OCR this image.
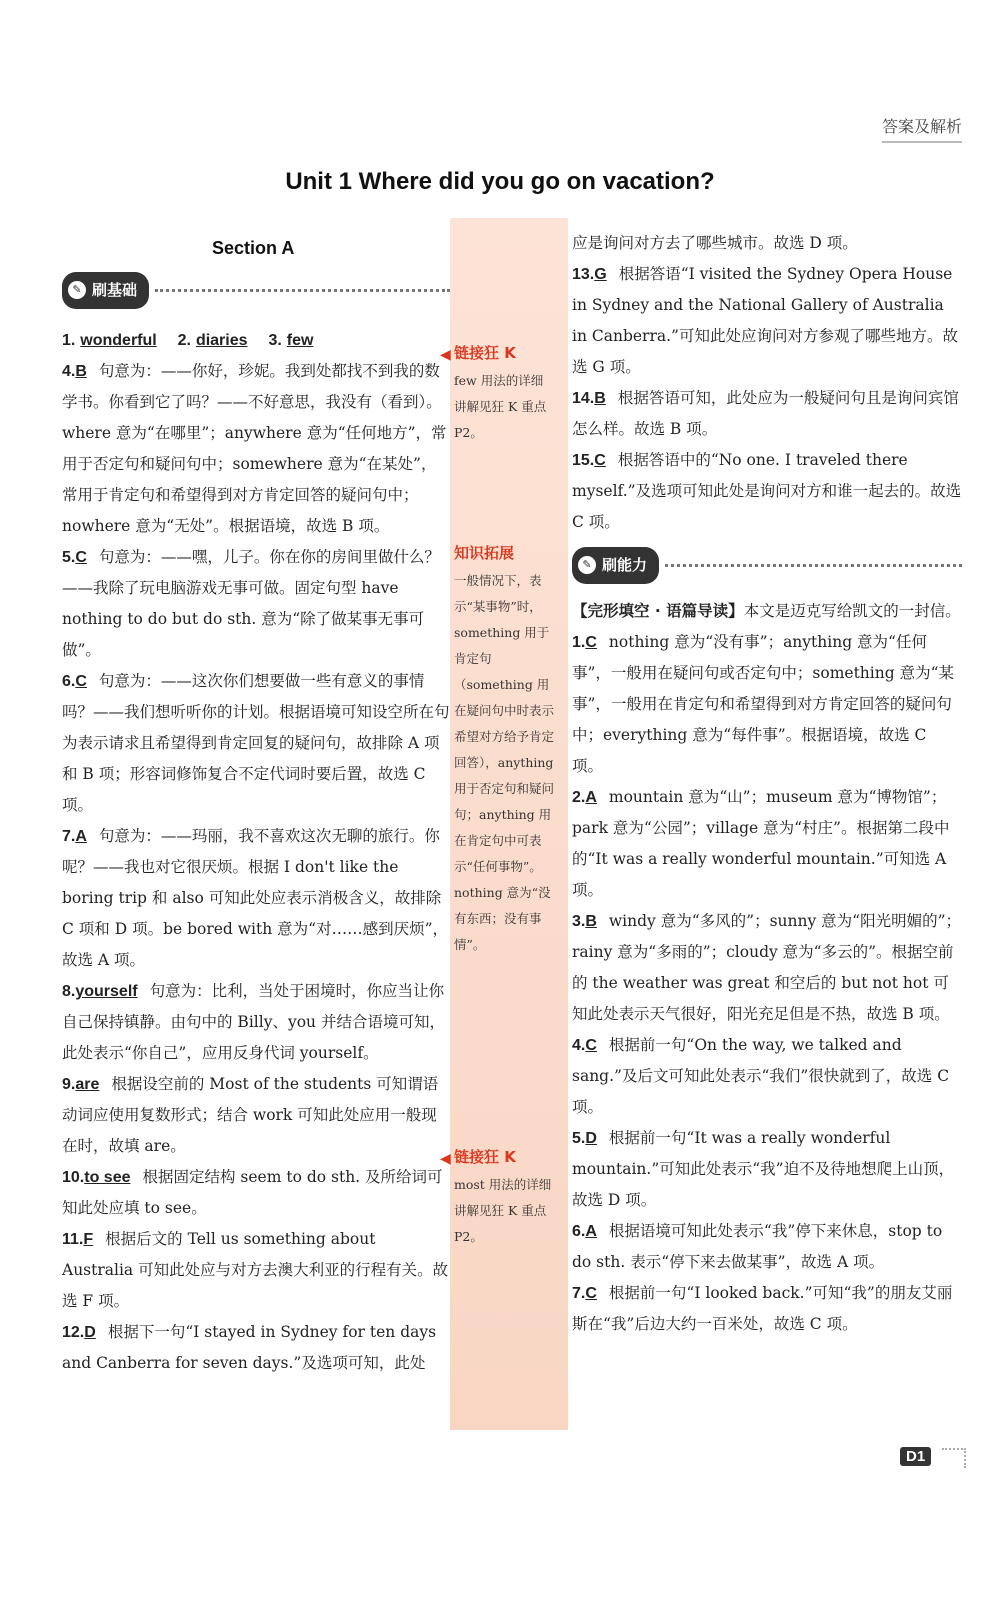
答案及解析
Unit 1 Where did you go on vacation?
Section A
◀ 链接狂 K
few 用法的详细讲解见狂 K 重点 P2。
知识拓展
一般情况下，表示“某事物”时，something 用于肯定句（something 用在疑问句中时表示希望对方给予肯定回答），anything 用于否定句和疑问句；anything 用在肯定句中可表示“任何事物”。nothing 意为“没有东西；没有事情”。
◀ 链接狂 K
most 用法的详细讲解见狂 K 重点 P2。
✎ 刷基础
1. wonderful 2. diaries 3. few
4.B 句意为：——你好，珍妮。我到处都找不到我的数学书。你看到它了吗？——不好意思，我没有（看到）。where 意为“在哪里”；anywhere 意为“任何地方”，常用于否定句和疑问句中；somewhere 意为“在某处”，常用于肯定句和希望得到对方肯定回答的疑问句中；nowhere 意为“无处”。根据语境，故选 B 项。
5.C 句意为：——嘿，儿子。你在你的房间里做什么？——我除了玩电脑游戏无事可做。固定句型 have nothing to do but do sth. 意为“除了做某事无事可做”。
6.C 句意为：——这次你们想要做一些有意义的事情吗？——我们想听听你的计划。根据语境可知设空所在句为表示请求且希望得到肯定回复的疑问句，故排除 A 项和 B 项；形容词修饰复合不定代词时要后置，故选 C 项。
7.A 句意为：——玛丽，我不喜欢这次无聊的旅行。你呢？——我也对它很厌烦。根据 I don't like the boring trip 和 also 可知此处应表示消极含义，故排除 C 项和 D 项。be bored with 意为“对……感到厌烦”，故选 A 项。
8.yourself 句意为：比利，当处于困境时，你应当让你自己保持镇静。由句中的 Billy、you 并结合语境可知，此处表示“你自己”，应用反身代词 yourself。
9.are 根据设空前的 Most of the students 可知谓语动词应使用复数形式；结合 work 可知此处应用一般现在时，故填 are。
10.to see 根据固定结构 seem to do sth. 及所给词可知此处应填 to see。
11.F 根据后文的 Tell us something about Australia 可知此处应与对方去澳大利亚的行程有关。故选 F 项。
12.D 根据下一句“I stayed in Sydney for ten days and Canberra for seven days.”及选项可知，此处
应是询问对方去了哪些城市。故选 D 项。
13.G 根据答语“I visited the Sydney Opera House in Sydney and the National Gallery of Australia in Canberra.”可知此处应询问对方参观了哪些地方。故选 G 项。
14.B 根据答语可知，此处应为一般疑问句且是询问宾馆怎么样。故选 B 项。
15.C 根据答语中的“No one. I traveled there myself.”及选项可知此处是询问对方和谁一起去的。故选 C 项。
✎ 刷能力
【完形填空 · 语篇导读】本文是迈克写给凯文的一封信。
1.C nothing 意为“没有事”；anything 意为“任何事”，一般用在疑问句或否定句中；something 意为“某事”，一般用在肯定句和希望得到对方肯定回答的疑问句中；everything 意为“每件事”。根据语境，故选 C 项。
2.A mountain 意为“山”；museum 意为“博物馆”；park 意为“公园”；village 意为“村庄”。根据第二段中的“It was a really wonderful mountain.”可知选 A 项。
3.B windy 意为“多风的”；sunny 意为“阳光明媚的”；rainy 意为“多雨的”；cloudy 意为“多云的”。根据空前的 the weather was great 和空后的 but not hot 可知此处表示天气很好，阳光充足但是不热，故选 B 项。
4.C 根据前一句“On the way, we talked and sang.”及后文可知此处表示“我们”很快就到了，故选 C 项。
5.D 根据前一句“It was a really wonderful mountain.”可知此处表示“我”迫不及待地想爬上山顶，故选 D 项。
6.A 根据语境可知此处表示“我”停下来休息，stop to do sth. 表示“停下来去做某事”，故选 A 项。
7.C 根据前一句“I looked back.”可知“我”的朋友艾丽斯在“我”后边大约一百米处，故选 C 项。
D1
